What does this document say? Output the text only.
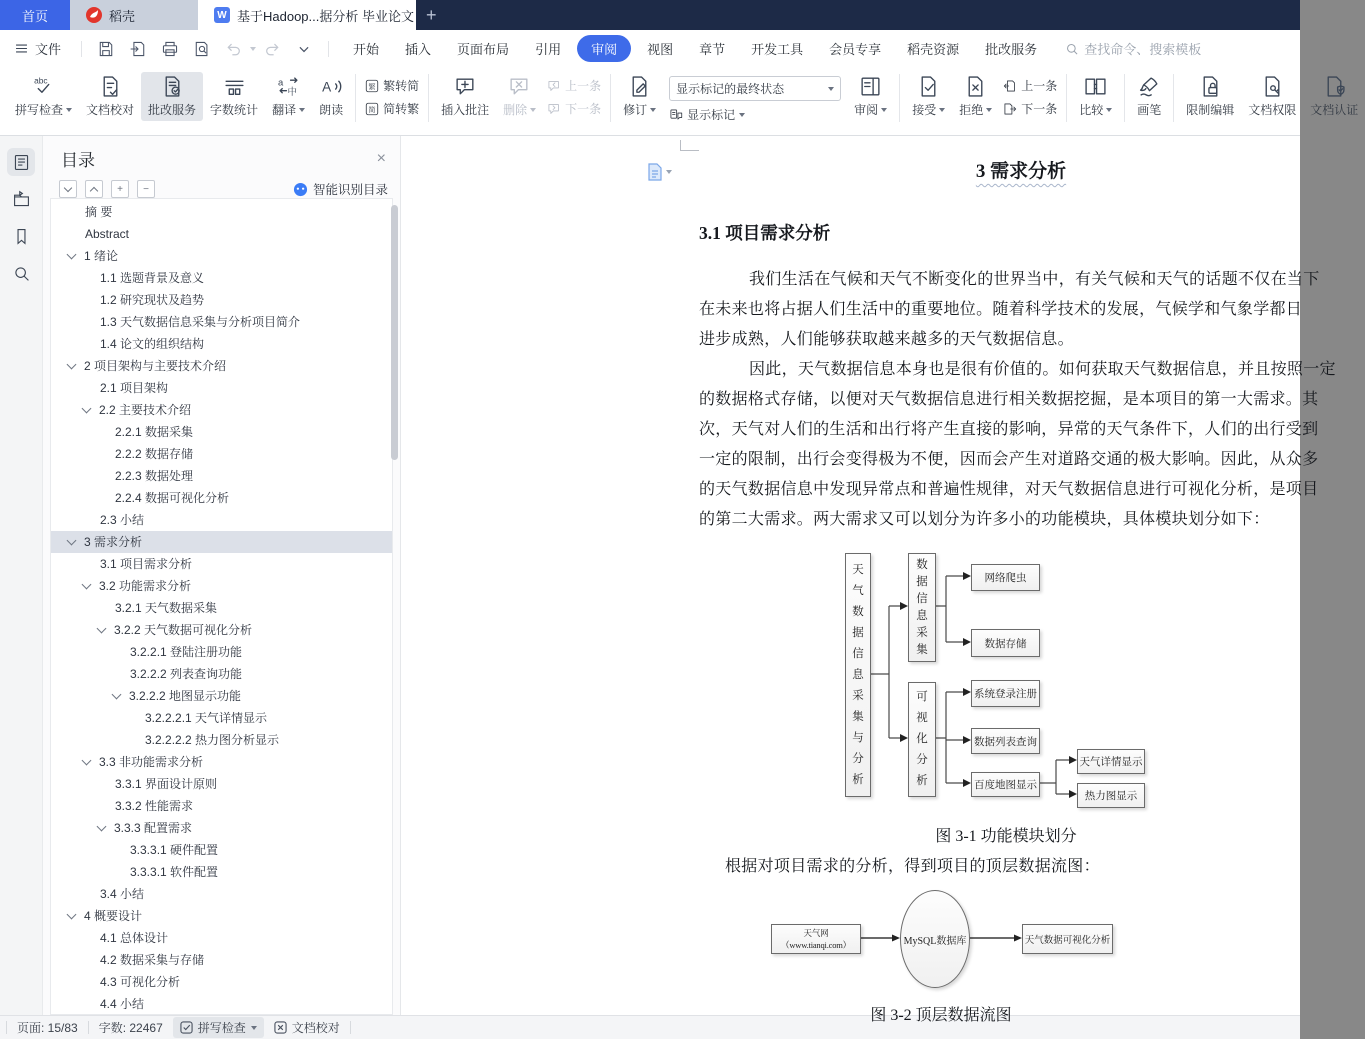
首页	稻壳	W 基于Hadoop...据分析 毕业论文 +
文件	开始	插入	页面布局	引用	审阅	视图	章节	开发工具	会员专享	稻壳资源	批改服务	查找命令、搜索模板
abc
拼写检查 文档校对 批改服务 字数统计
a
中
翻译
A
朗读
繁 繁转简
简 简转繁 插入批注 删除
上一条
下一条 修订
显示标记的最终状态
显示标记	审阅	接受 拒绝
上一条
下一条 比较	画笔 限制编辑 文档权限 文档认证
目录	×
+	−	智能识别目录
摘 要
Abstract
1 绪论
1.1 选题背景及意义
1.2 研究现状及趋势
1.3 天气数据信息采集与分析项目简介
1.4 论文的组织结构
2 项目架构与主要技术介绍
2.1 项目架构
2.2 主要技术介绍
2.2.1 数据采集
2.2.2 数据存储
2.2.3 数据处理
2.2.4 数据可视化分析
2.3 小结
3 需求分析
3.1 项目需求分析
3.2 功能需求分析
3.2.1 天气数据采集
3.2.2 天气数据可视化分析
3.2.2.1 登陆注册功能
3.2.2.2 列表查询功能
3.2.2.2 地图显示功能
3.2.2.2.1 天气详情显示
3.2.2.2.2 热力图分析显示
3.3 非功能需求分析
3.3.1 界面设计原则
3.3.2 性能需求
3.3.3 配置需求
3.3.3.1 硬件配置
3.3.3.1 软件配置
3.4 小结
4 概要设计
4.1 总体设计
4.2 数据采集与存储
4.3 可视化分析
4.4 小结
3 需求分析
3.1 项目需求分析
我们生活在气候和天气不断变化的世界当中，有关气候和天气的话题不仅在当下
在未来也将占据人们生活中的重要地位。随着科学技术的发展，气候学和气象学都日
进步成熟，人们能够获取越来越多的天气数据信息。
因此，天气数据信息本身也是很有价值的。如何获取天气数据信息，并且按照一定
的数据格式存储，以便对天气数据信息进行相关数据挖掘，是本项目的第一大需求。其
次，天气对人们的生活和出行将产生直接的影响，异常的天气条件下，人们的出行受到
一定的限制，出行会变得极为不便，因而会产生对道路交通的极大影响。因此，从众多
的天气数据信息中发现异常点和普遍性规律，对天气数据信息进行可视化分析，是项目
的第二大需求。两大需求又可以划分为许多小的功能模块，具体模块划分如下：
天气数据信息采集与分析
数据信息采集
可视化分析
网络爬虫
数据存储
系统登录注册
数据列表查询
百度地图显示
天气详情显示
热力图显示
图 3-1 功能模块划分
根据对项目需求的分析，得到项目的顶层数据流图：
天气网（www.tianqi.com）	MySQL数据库	天气数据可视化分析
图 3-2 顶层数据流图
页面: 15/83 字数: 22467	拼写检查	文档校对
